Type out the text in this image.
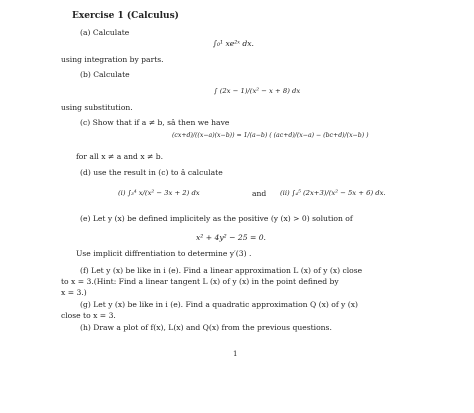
Exercise 1 (Calculus)
(a) Calculate
∫₀¹ xe²ˣ dx.
using integration by parts.
(b) Calculate
∫ (2x − 1)/(x² − x + 8) dx
using substitution.
(c) Show that if a ≠ b, sâ then we have
(cx+d)/((x−a)(x−b)) = 1/(a−b) ( (ac+d)/(x−a) − (bc+d)/(x−b) )
for all x ≠ a and x ≠ b.
(d) use the result in (c) to â calculate
(i) ∫₃⁴ x/(x² − 3x + 2) dx	and (ii) ∫₄⁵ (2x+3)/(x² − 5x + 6) dx.
(e) Let y (x) be defined implicitely as the positive (y (x) > 0) solution of
x² + 4y² − 25 = 0.
Use implicit diffrentiation to determine y′(3) .
(f) Let y (x) be like in i (e). Find a linear approximation L (x) of y (x) close
to x = 3.(Hint: Find a linear tangent L (x) of y (x) in the point defined by
x = 3.)
(g) Let y (x) be like in i (e). Find a quadratic approximation Q (x) of y (x)
close to x = 3.
(h) Draw a plot of f(x), L(x) and Q(x) from the previous questions.
1
